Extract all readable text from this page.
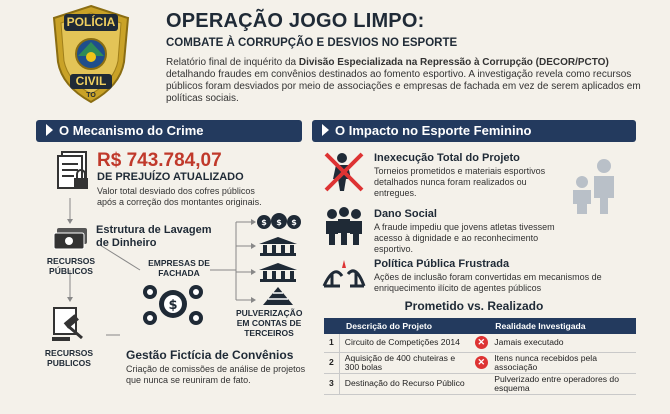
POLÍCIA
CIVIL
TO
OPERAÇÃO JOGO LIMPO:
COMBATE À CORRUPÇÃO E DESVIOS NO ESPORTE
Relatório final de inquérito da Divisão Especializada na Repressão à Corrupção (DECOR/PCTO) detalhando fraudes em convênios destinados ao fomento esportivo. A investigação revela como recursos públicos foram desviados por meio de associações e empresas de fachada em vez de serem aplicados em políticas sociais.
O Mecanismo do Crime
R$ 743.784,07
DE PREJUÍZO ATUALIZADO
Valor total desviado dos cofres públicos após a correção dos montantes originais.
RECURSOS PÚBLICOS
Estrutura de Lavagem de Dinheiro
EMPRESAS DE FACHADA
$
$ $ $
PULVERIZAÇÃO EM CONTAS DE TERCEIROS
RECURSOS PUBLICOS
Gestão Fictícia de Convênios
Criação de comissões de análise de projetos que nunca se reuniram de fato.
O Impacto no Esporte Feminino
Inexecução Total do Projeto
Torneios prometidos e materiais esportivos detalhados nunca foram realizados ou entregues.
Dano Social
A fraude impediu que jovens atletas tivessem acesso à dignidade e ao reconhecimento esportivo.
Política Pública Frustrada
Ações de inclusão foram convertidas em mecanismos de enriquecimento ilícito de agentes públicos
Prometido vs. Realizado
Descrição do Projeto			Realidade Investigada
1	Circuito de Competições 2014	✕	Jamais executado
2	Aquisição de 400 chuteiras e 300 bolas	✕	Itens nunca recebidos pela associação
3	Destinação do Recurso Público		Pulverizado entre operadores do esquema
